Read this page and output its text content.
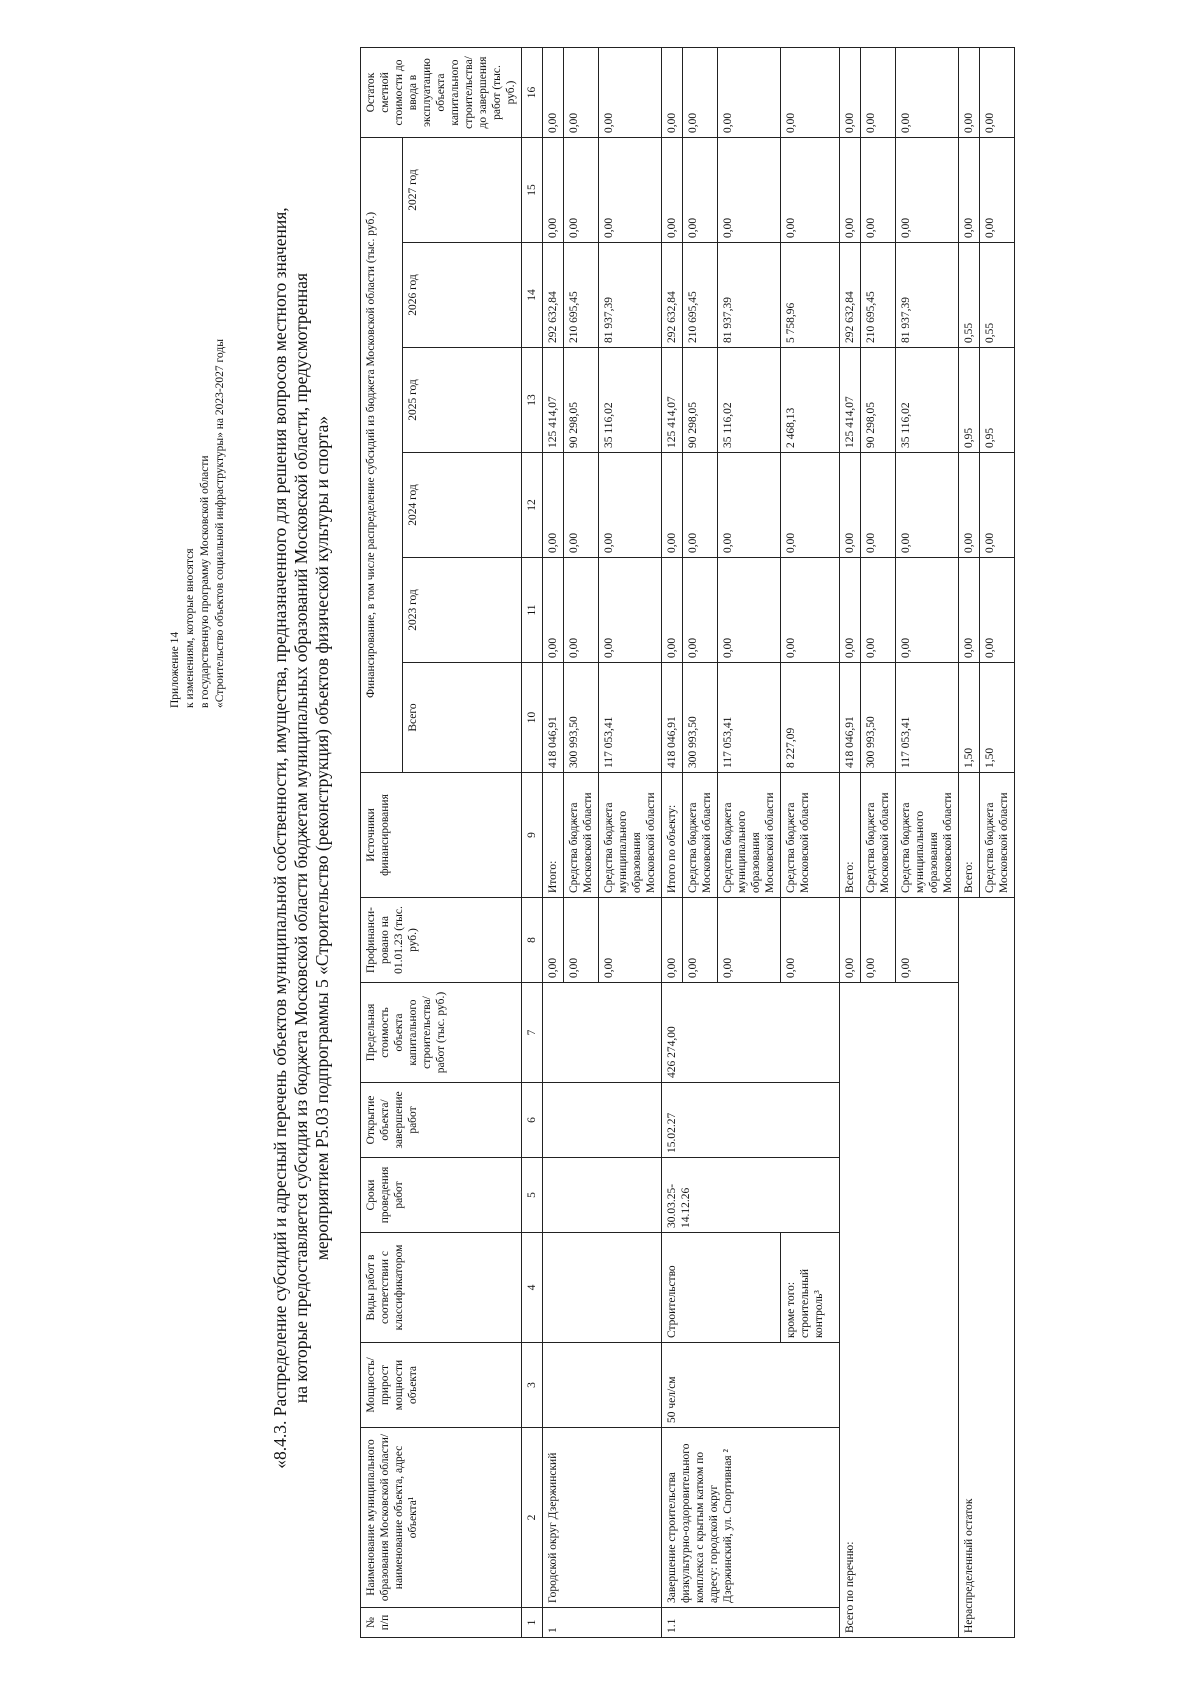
Приложение 14 к изменениям, которые вносятся в государственную программу Московской области «Строительство объектов социальной инфраструктуры» на 2023-2027 годы	«8.4.3. Распределение субсидий и адресный перечень объектов муниципальной собственности, имущества, предназначенного для решения вопросов местного значения, на которые предоставляется субсидия из бюджета Московской области бюджетам муниципальных образований Московской области, предусмотренная мероприятием Р5.03 подпрограммы 5 «Строительство (реконструкция) объектов физической культуры и спорта»
№ п/п	Наименование муниципального образования Московской области/ наименование объекта, адрес объекта¹	Мощность/ прирост мощности объекта	Виды работ в соответствии с классификатором	Сроки проведения работ	Открытие объекта/ завершение работ	Предельная стоимость объекта капитального строительства/ работ (тыс. руб.)	Профинанси-ровано на 01.01.23 (тыс. руб.)	Источники финансирования	Финансирование, в том числе распределение субсидий из бюджета Московской области (тыс. руб.)						Остаток сметной стоимости до ввода в эксплуатацию объекта капитального строительства/ до завершения работ (тыс. руб.)
									Всего	2023 год	2024 год	2025 год	2026 год	2027 год	
1	2	3	4	5	6	7	8	9	10	11	12	13	14	15	16
1	Городской округ Дзержинский						0,00	Итого:	418 046,91	0,00	0,00	125 414,07	292 632,84	0,00	0,00
							0,00	Средства бюджета Московской области	300 993,50	0,00	0,00	90 298,05	210 695,45	0,00	0,00
							0,00	Средства бюджета муниципального образования Московской области	117 053,41	0,00	0,00	35 116,02	81 937,39	0,00	0,00
1.1	Завершение строительства физкультурно-оздоровительного комплекса с крытым катком по адресу: городской округ Дзержинский, ул. Спортивная ²	50 чел/см	Строительство	30.03.25-14.12.26	15.02.27	426 274,00	0,00	Итого по объекту:	418 046,91	0,00	0,00	125 414,07	292 632,84	0,00	0,00
							0,00	Средства бюджета Московской области	300 993,50	0,00	0,00	90 298,05	210 695,45	0,00	0,00
							0,00	Средства бюджета муниципального образования Московской области	117 053,41	0,00	0,00	35 116,02	81 937,39	0,00	0,00
			кроме того: строительный контроль³				0,00	Средства бюджета Московской области	8 227,09	0,00	0,00	2 468,13	5 758,96	0,00	0,00
Всего по перечню:							0,00	Всего:	418 046,91	0,00	0,00	125 414,07	292 632,84	0,00	0,00
							0,00	Средства бюджета Московской области	300 993,50	0,00	0,00	90 298,05	210 695,45	0,00	0,00
							0,00	Средства бюджета муниципального образования Московской области	117 053,41	0,00	0,00	35 116,02	81 937,39	0,00	0,00
Нераспределенный остаток								Всего:	1,50	0,00	0,00	0,95	0,55	0,00	0,00
								Средства бюджета Московской области	1,50	0,00	0,00	0,95	0,55	0,00	0,00
